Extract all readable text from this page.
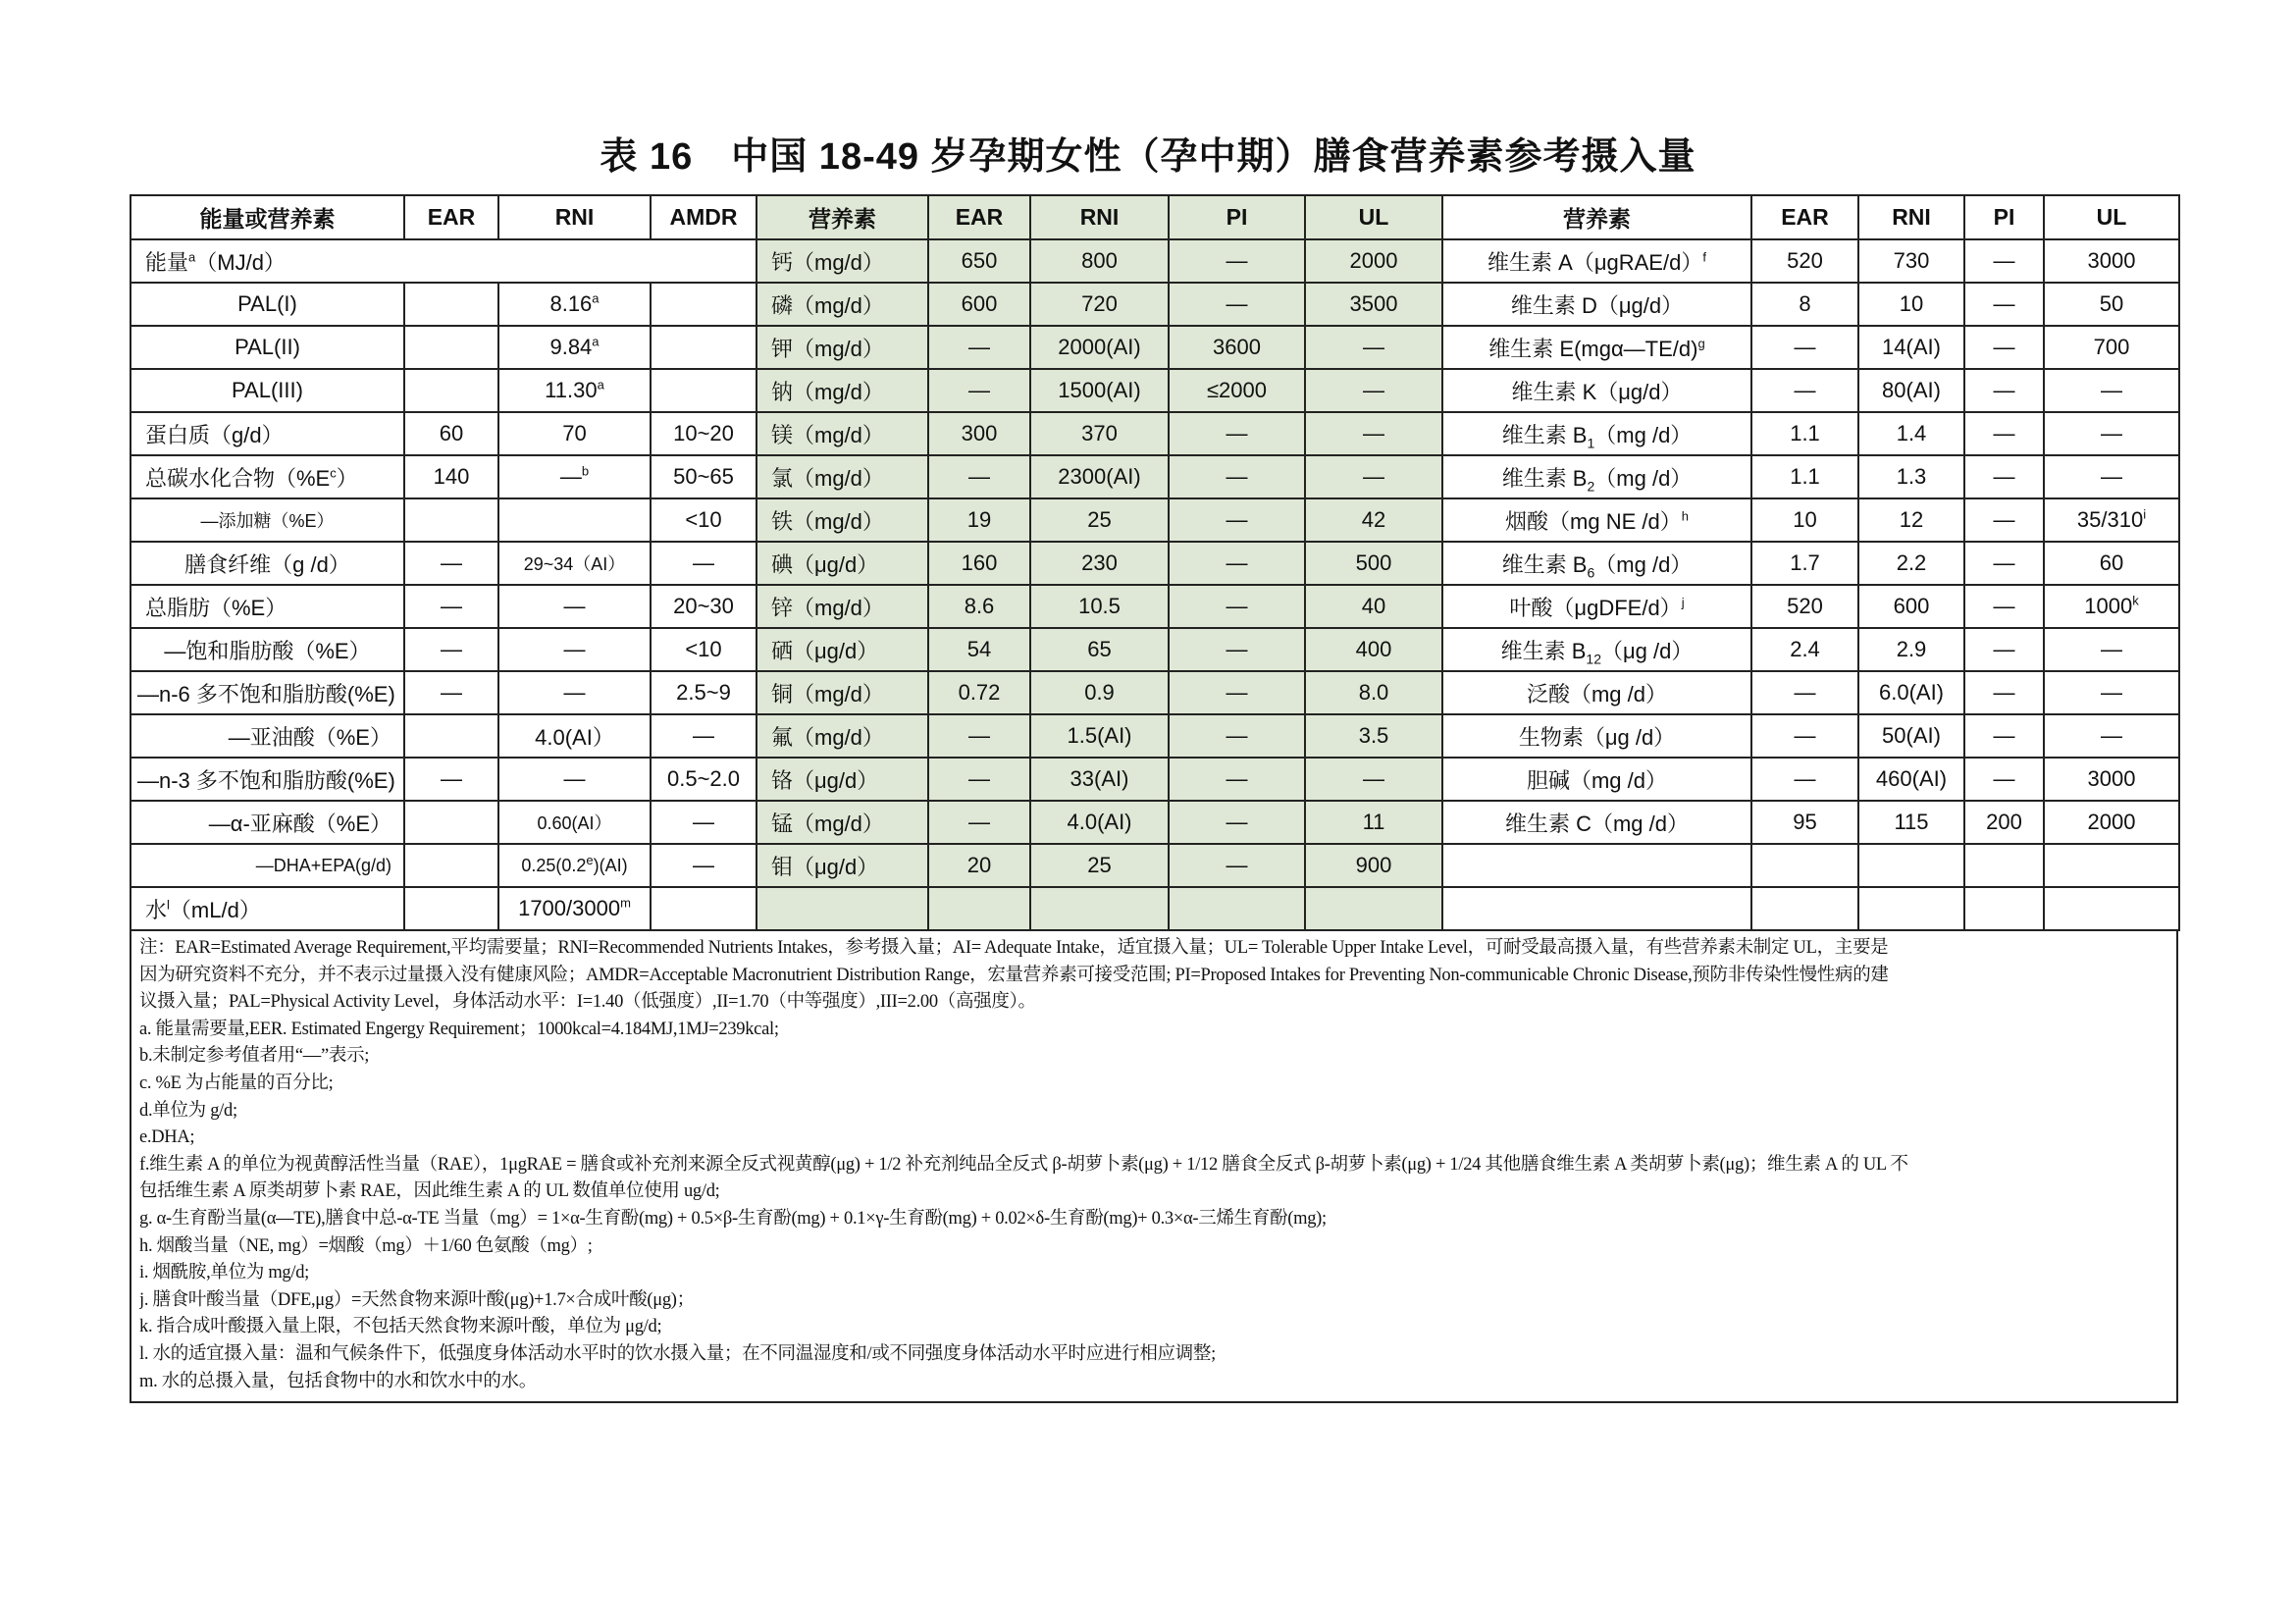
表 16　中国 18-49 岁孕期女性（孕中期）膳食营养素参考摄入量
能量或营养素	EAR	RNI	AMDR	营养素	EAR	RNI	PI	UL	营养素	EAR	RNI	PI	UL
能量$^a$（MJ/d）				钙（mg/d）	650	800	—	2000	维生素 A（μgRAE/d）$^f$	520	730	—	3000
PAL(I)		8.16$^a$		磷（mg/d）	600	720	—	3500	维生素 D（μg/d）	8	10	—	50
PAL(II)		9.84$^a$		钾（mg/d）	—	2000(AI)	3600	—	维生素 E(mgα—TE/d)$^g$	—	14(AI)	—	700
PAL(III)		11.30$^a$		钠（mg/d）	—	1500(AI)	≤2000	—	维生素 K（μg/d）	—	80(AI)	—	—
蛋白质（g/d）	60	70	10~20	镁（mg/d）	300	370	—	—	维生素 $B_1(mg$ /d）	1.1	1.4	—	—
总碳水化合物$(\%E^c)$	140	—$^b$	50~65	氯（mg/d）	—	2300(AI)	—	—	维生素 $B_2(mg$ /d）	1.1	1.3	—	—
—添加糖（%E）			<10	铁（mg/d）	19	25	—	42	烟酸（mg NE /d）$^h$	10	12	—	35/310$^i$
膳食纤维（g /d）	—	29~34（AI）	—	碘（μg/d）	160	230	—	500	维生素 $B_6(mg$ /d）	1.7	2.2	—	60
总脂肪（%E）	—	—	20~30	锌（mg/d）	8.6	10.5	—	40	叶酸（μgDFE/d）$^j$	520	600	—	1000$^k$
—饱和脂肪酸（%E）	—	—	<10	硒（μg/d）	54	65	—	400	维生素 $B_{12}(\mu g$ /d）	2.4	2.9	—	—
—n-6 多不饱和脂肪酸(%E)	—	—	2.5~9	铜（mg/d）	0.72	0.9	—	8.0	泛酸（mg /d）	—	6.0(AI)	—	—
—亚油酸（%E）		4.0(AI）	—	氟（mg/d）	—	1.5(AI)	—	3.5	生物素（μg /d）	—	50(AI)	—	—
—n-3 多不饱和脂肪酸(%E)	—	—	0.5~2.0	铬（μg/d）	—	33(AI)	—	—	胆碱（mg /d）	—	460(AI)	—	3000
—α-亚麻酸（%E）		0.60(AI）	—	锰（mg/d）	—	4.0(AI)	—	11	维生素 C（mg /d）	95	115	200	2000
—DHA+EPA(g/d)		0.25(0.2e)(AI)	—	钼（μg/d）	20	25	—	900					
水$^l$（mL/d）		1700/3000$^m$											
注：EAR=Estimated Average Requirement,平均需要量；RNI=Recommended Nutrients Intakes，参考摄入量；AI= Adequate Intake，适宜摄入量；UL= Tolerable Upper Intake Level，可耐受最高摄入量，有些营养素未制定 UL，主要是
因为研究资料不充分，并不表示过量摄入没有健康风险；AMDR=Acceptable Macronutrient Distribution Range，宏量营养素可接受范围; PI=Proposed Intakes for Preventing Non-communicable Chronic Disease,预防非传染性慢性病的建
议摄入量；PAL=Physical Activity Level，身体活动水平：I=1.40（低强度）,II=1.70（中等强度）,III=2.00（高强度）。
a. 能量需要量,EER. Estimated Engergy Requirement；1000kcal=4.184MJ,1MJ=239kcal;
b.未制定参考值者用“—”表示;
c. %E 为占能量的百分比;
d.单位为 g/d;
e.DHA;
f.维生素 A 的单位为视黄醇活性当量（RAE），1μgRAE = 膳食或补充剂来源全反式视黄醇(μg) + 1/2 补充剂纯品全反式 β-胡萝卜素(μg) + 1/12 膳食全反式 β-胡萝卜素(μg) + 1/24 其他膳食维生素 A 类胡萝卜素(μg)；维生素 A 的 UL 不
包括维生素 A 原类胡萝卜素 RAE，因此维生素 A 的 UL 数值单位使用 ug/d;
g. α-生育酚当量(α—TE),膳食中总-α-TE 当量（mg）= 1×α-生育酚(mg) + 0.5×β-生育酚(mg) + 0.1×γ-生育酚(mg) + 0.02×δ-生育酚(mg)+ 0.3×α-三烯生育酚(mg);
h. 烟酸当量（NE, mg）=烟酸（mg）＋1/60 色氨酸（mg）;
i. 烟酰胺,单位为 mg/d;
j. 膳食叶酸当量（DFE,μg）=天然食物来源叶酸(μg)+1.7×合成叶酸(μg)；
k. 指合成叶酸摄入量上限，不包括天然食物来源叶酸，单位为 μg/d;
l. 水的适宜摄入量：温和气候条件下，低强度身体活动水平时的饮水摄入量；在不同温湿度和/或不同强度身体活动水平时应进行相应调整;
m. 水的总摄入量，包括食物中的水和饮水中的水。
